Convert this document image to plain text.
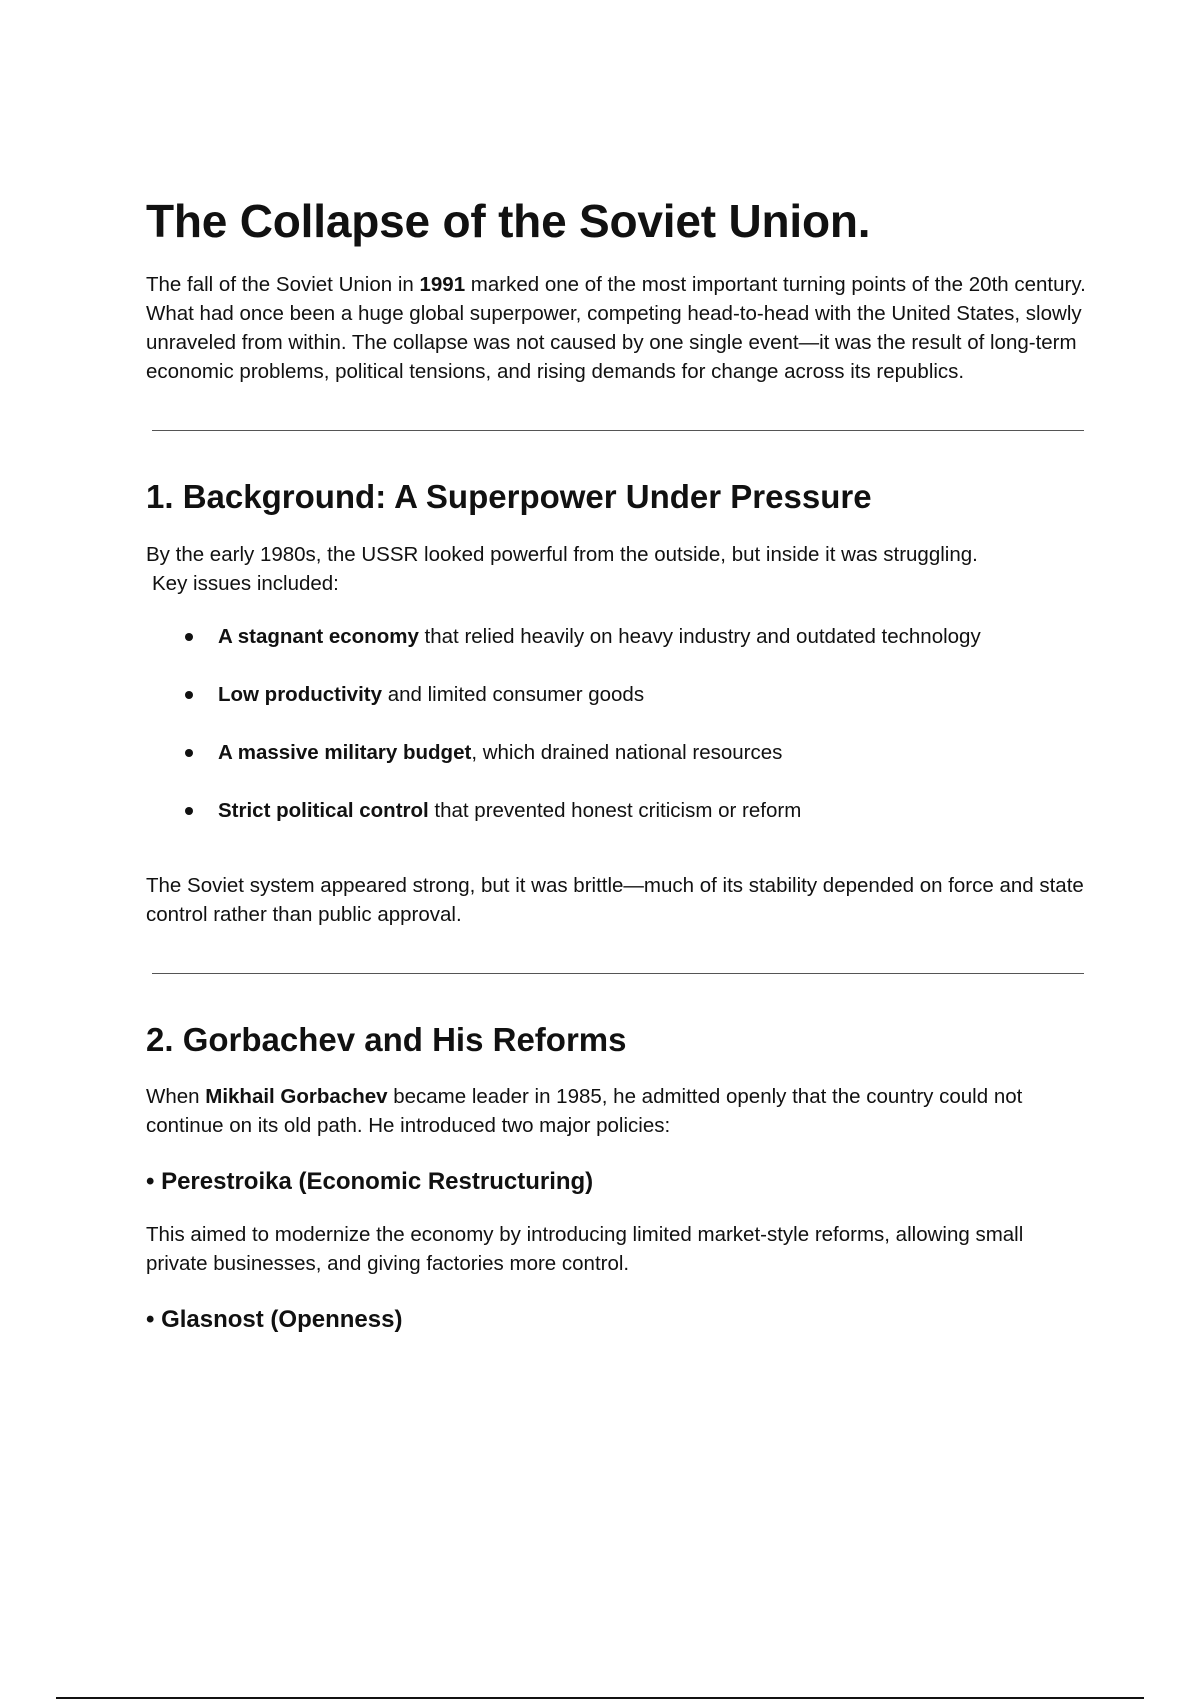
The Collapse of the Soviet Union.

The fall of the Soviet Union in 1991 marked one of the most important turning points of the 20th century. What had once been a huge global superpower, competing head-to-head with the United States, slowly unraveled from within. The collapse was not caused by one single event—it was the result of long-term economic problems, political tensions, and rising demands for change across its republics.

1. Background: A Superpower Under Pressure

By the early 1980s, the USSR looked powerful from the outside, but inside it was struggling.
Key issues included:

A stagnant economy that relied heavily on heavy industry and outdated technology
Low productivity and limited consumer goods
A massive military budget, which drained national resources
Strict political control that prevented honest criticism or reform

The Soviet system appeared strong, but it was brittle—much of its stability depended on force and state control rather than public approval.

2. Gorbachev and His Reforms

When Mikhail Gorbachev became leader in 1985, he admitted openly that the country could not continue on its old path. He introduced two major policies:

• Perestroika (Economic Restructuring)

This aimed to modernize the economy by introducing limited market-style reforms, allowing small private businesses, and giving factories more control.

• Glasnost (Openness)
